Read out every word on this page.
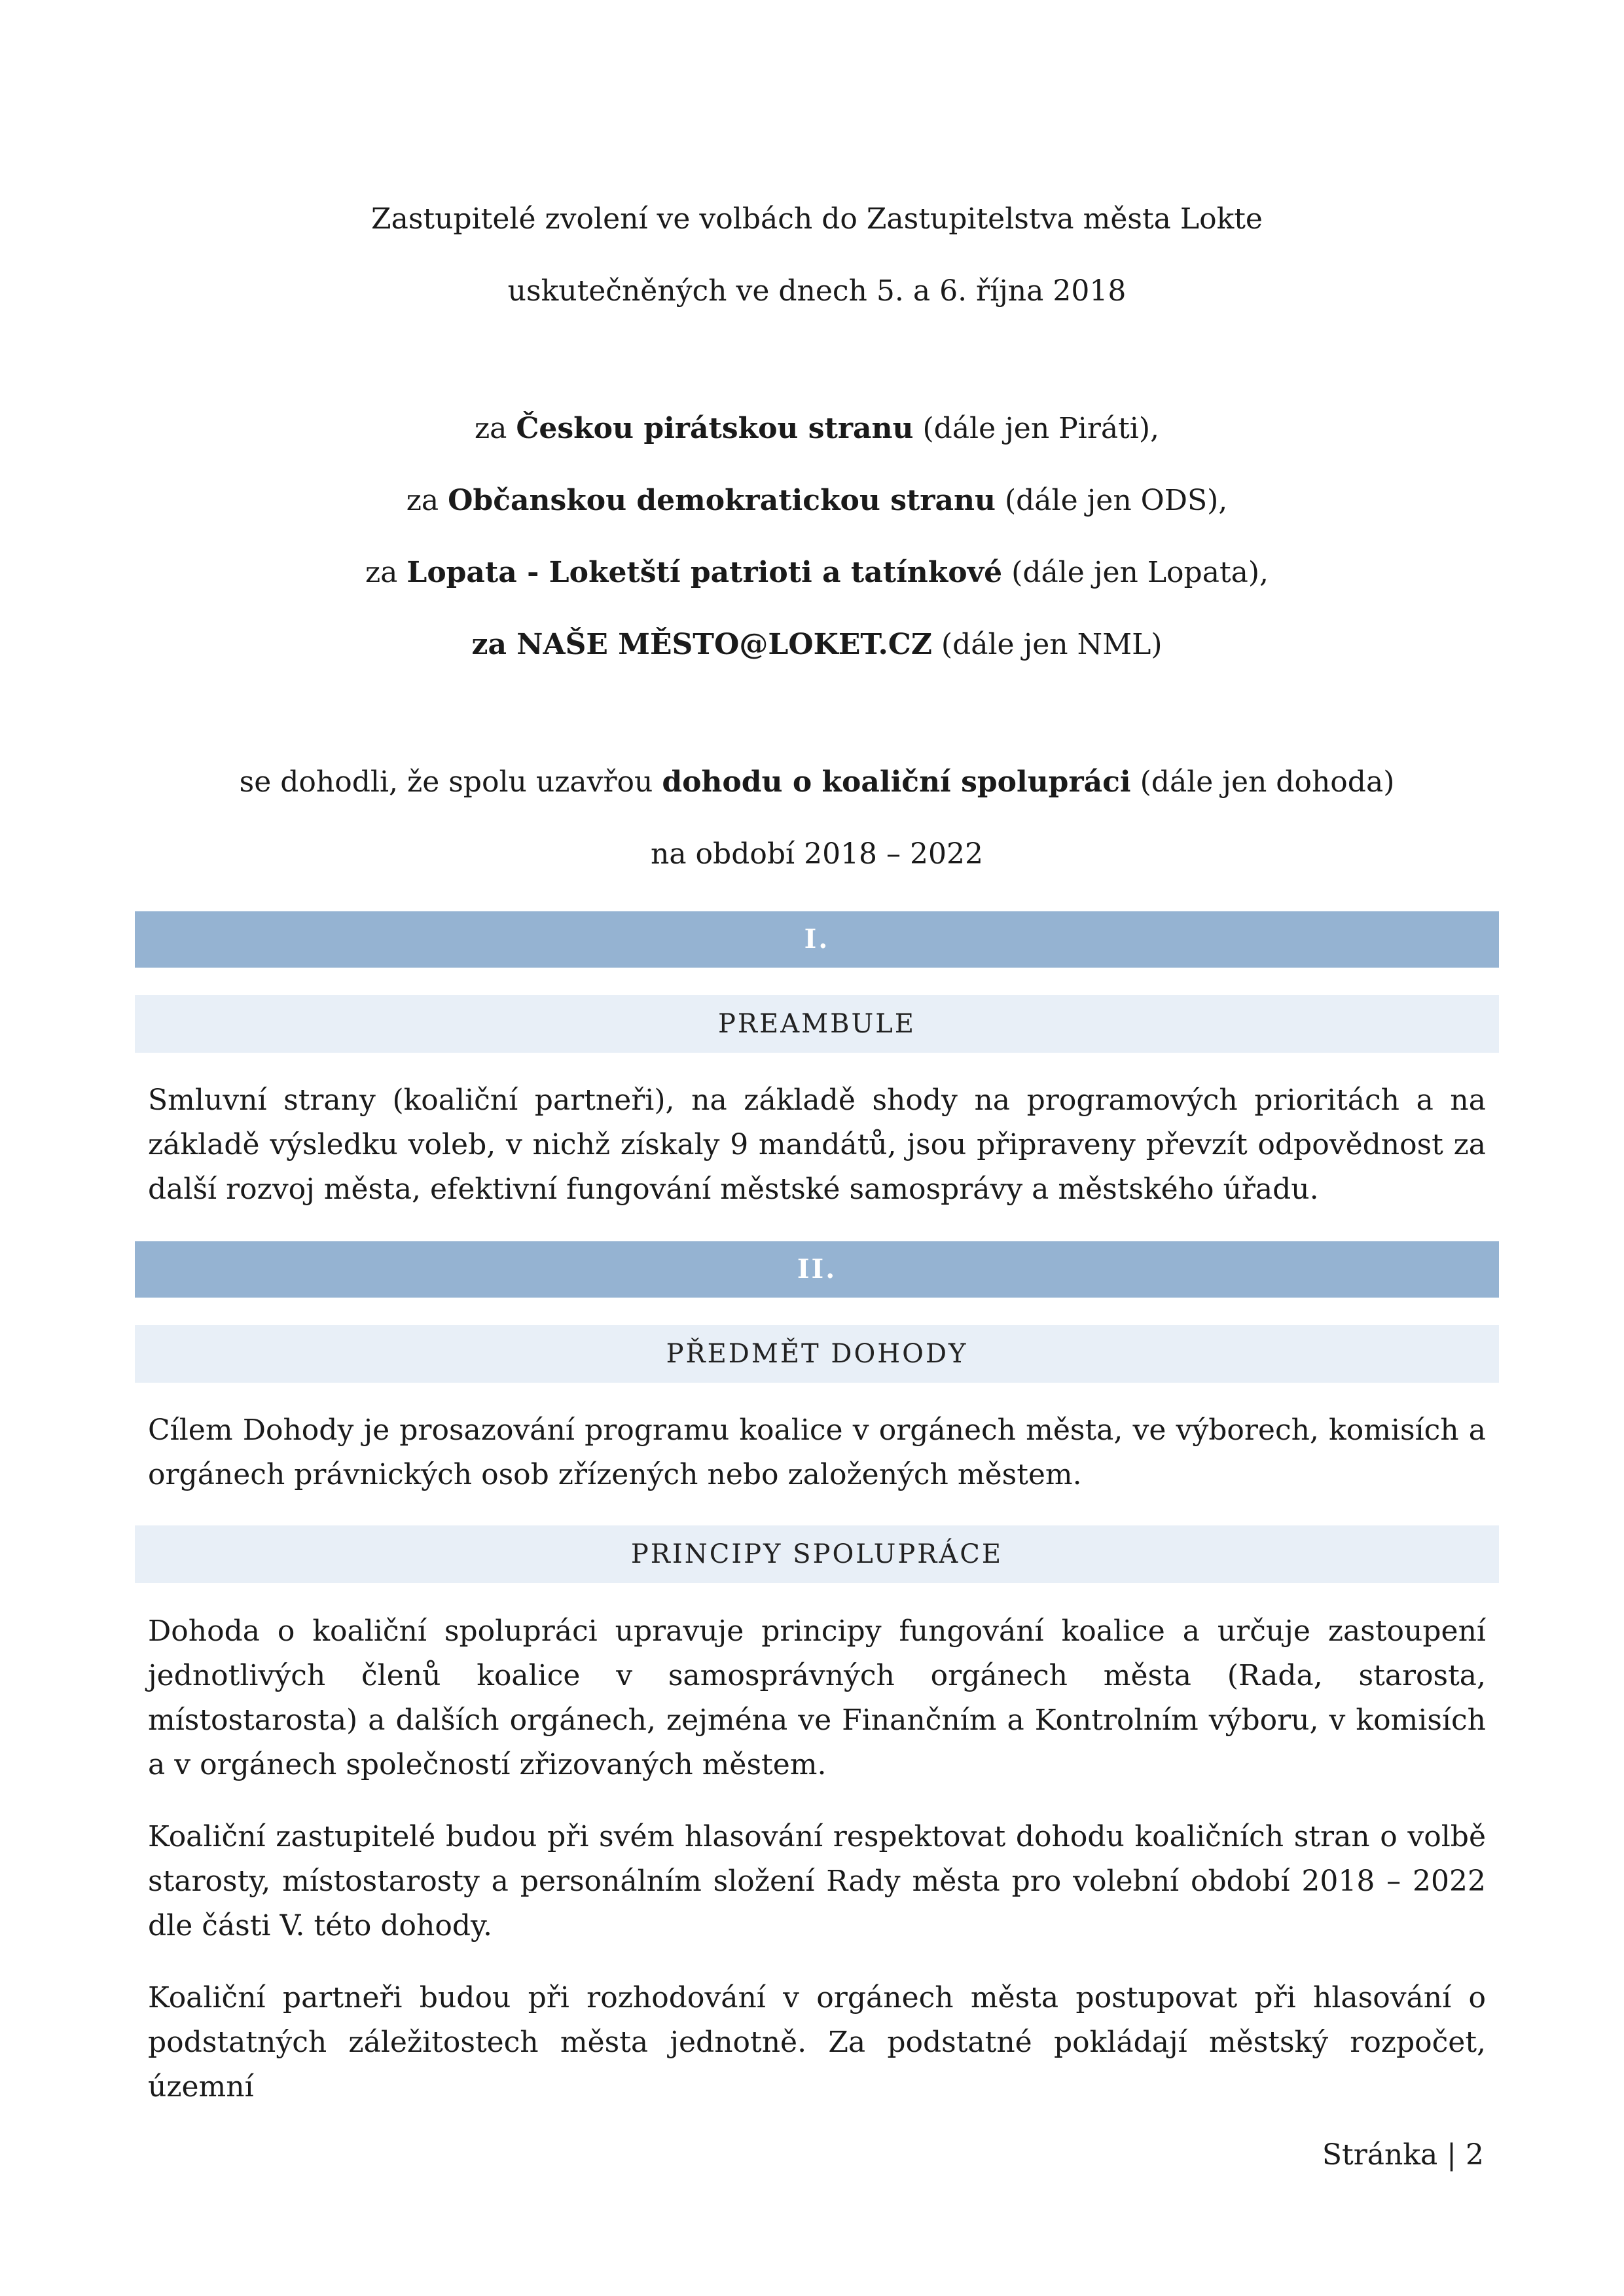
Zastupitelé zvolení ve volbách do Zastupitelstva města Lokte

uskutečněných ve dnech 5. a 6. října 2018

za Českou pirátskou stranu (dále jen Piráti),

za Občanskou demokratickou stranu (dále jen ODS),

za Lopata - Loketští patrioti a tatínkové (dále jen Lopata),

za NAŠE MĚSTO@LOKET.CZ (dále jen NML)

se dohodli, že spolu uzavřou dohodu o koaliční spolupráci (dále jen dohoda)

na období 2018 – 2022

I.
PREAMBULE

Smluvní strany (koaliční partneři), na základě shody na programových prioritách a na základě výsledku voleb, v nichž získaly 9 mandátů, jsou připraveny převzít odpovědnost za další rozvoj města, efektivní fungování městské samosprávy a městského úřadu.

II.
PŘEDMĚT DOHODY

Cílem Dohody je prosazování programu koalice v orgánech města, ve výborech, komisích a orgánech právnických osob zřízených nebo založených městem.

PRINCIPY SPOLUPRÁCE

Dohoda o koaliční spolupráci upravuje principy fungování koalice a určuje zastoupení jednotlivých členů koalice v samosprávných orgánech města (Rada, starosta, místostarosta) a dalších orgánech, zejména ve Finančním a Kontrolním výboru, v komisích a v orgánech společností zřizovaných městem.

Koaliční zastupitelé budou při svém hlasování respektovat dohodu koaličních stran o volbě starosty, místostarosty a personálním složení Rady města pro volební období 2018 – 2022 dle části V. této dohody.

Koaliční partneři budou při rozhodování v orgánech města postupovat při hlasování o podstatných záležitostech města jednotně. Za podstatné pokládají městský rozpočet, územní

Stránka | 2
